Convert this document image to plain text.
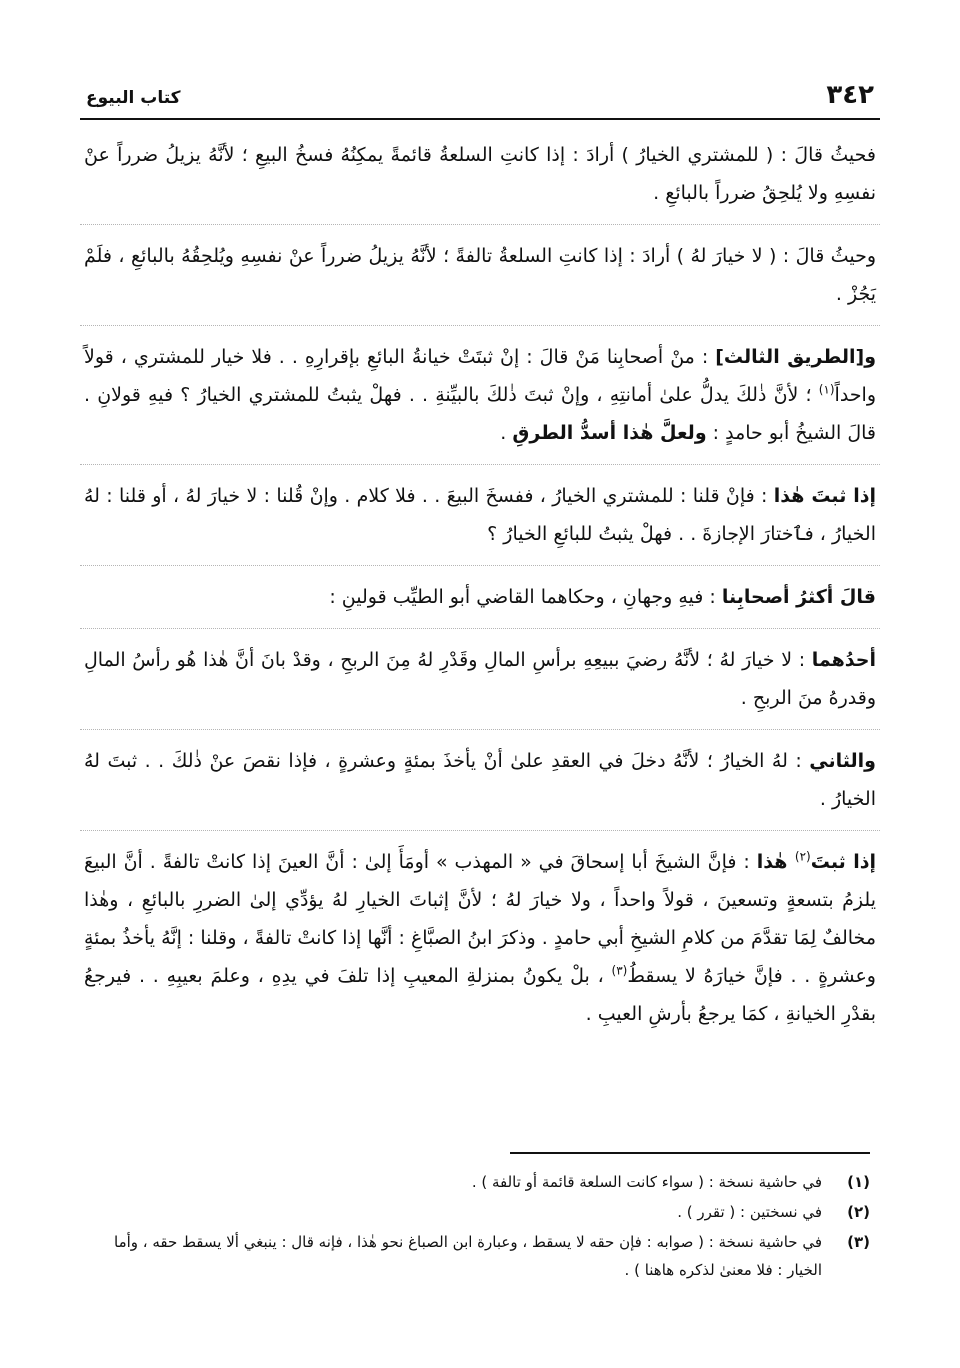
٣٤٢
كتاب البيوع

فحيثُ قالَ : ( للمشتري الخيارُ ) أرادَ : إذا كانتِ السلعةُ قائمةً يمكِنُهُ فسخُ البيعِ ؛ لأنَّهُ يزيلُ ضرراً عنْ نفسِهِ ولا يُلحِقُ ضرراً بالبائعِ .

وحيثُ قالَ : ( لا خيارَ لهُ ) أرادَ : إذا كانتِ السلعةُ تالفةً ؛ لأنَّهُ يزيلُ ضرراً عنْ نفسِهِ ويُلحِقُهُ بالبائعِ ، فلَمْ يَجُزْ .

و[الطريق الثالث] : منْ أصحابِنا مَنْ قالَ : إنْ ثبتَتْ خيانةُ البائعِ بإقرارِهِ . . فلا خيار للمشتري ، قولاً واحداً$^{(١)}$ ؛ لأنَّ ذٰلكَ يدلُّ علىٰ أمانتِهِ ، وإنْ ثبتَ ذٰلكَ بالبيِّنةِ . . فهلْ يثبتُ للمشتري الخيارُ ؟ فيهِ قولانِ . قالَ الشيخُ أبو حامدٍ : ولعلَّ هٰذا أسدُّ الطرقِ .

إذا ثبتَ هٰذا : فإنْ قلنا : للمشتري الخيارُ ، ففسخَ البيعَ . . فلا كلام . وإنْ قُلنا : لا خيارَ لهُ ، أو قلنا : لهُ الخيارُ ، فٱختارَ الإجازةَ . . فهلْ يثبتُ للبائعِ الخيارُ ؟

قالَ أكثرُ أصحابِنا : فيهِ وجهانِ ، وحكاهما القاضي أبو الطيِّب قولينِ :

أحدُهما : لا خيارَ لهُ ؛ لأنَّهُ رضيَ ببيعِهِ برأسِ المالِ وقَدْرِ لهُ مِنَ الربحِ ، وقدْ بانَ أنَّ هٰذا هُو رأسُ المالِ وقدرهُ منَ الربحِ .

والثاني : لهُ الخيارُ ؛ لأنَّهُ دخلَ في العقدِ علىٰ أنْ يأخذَ بمئةٍ وعشرةٍ ، فإذا نقصَ عنْ ذٰلكَ . . ثبتَ لهُ الخيارُ .

إذا ثبتَ$^{(٢)}$ هٰذا : فإنَّ الشيخَ أبا إسحاقَ في « المهذب » أومَأَ إلىٰ : أنَّ العينَ إذا كانتْ تالفةً . أنَّ البيعَ يلزمُ بتسعةٍ وتسعينَ ، قولاً واحداً ، ولا خيارَ لهُ ؛ لأنَّ إثباتَ الخيارِ لهُ يؤدِّي إلىٰ الضررِ بالبائعِ ، وهٰذا مخالفٌ لِمَا تقدَّمَ من كلامِ الشيخِ أبي حامدٍ . وذكرَ ابنُ الصبَّاغِ : أنَّها إذا كانتْ تالفةً ، وقلنا : إنَّهُ يأخذُ بمئةٍ وعشرةٍ . . فإنَّ خيارَهُ لا يسقطُ$^{(٣)}$ ، بلْ يكونُ بمنزلةِ المعيبِ إذا تلفَ في يدِهِ ، وعلمَ بعيبِهِ . . فيرجعُ بقدْرِ الخيانةِ ، كمَا يرجعُ بأرشِ العيبِ .

(١)
في حاشية نسخة : ( سواء كانت السلعة قائمة أو تالفة ) .
(٢)
في نسختين : ( تقرر ) .
(٣)
في حاشية نسخة : ( صوابه : فإن حقه لا يسقط ، وعبارة ابن الصباغ نحو هٰذا ، فإنه قال : ينبغي ألا يسقط حقه ، وأما الخيار : فلا معنىٰ لذكره هاهنا ) .
